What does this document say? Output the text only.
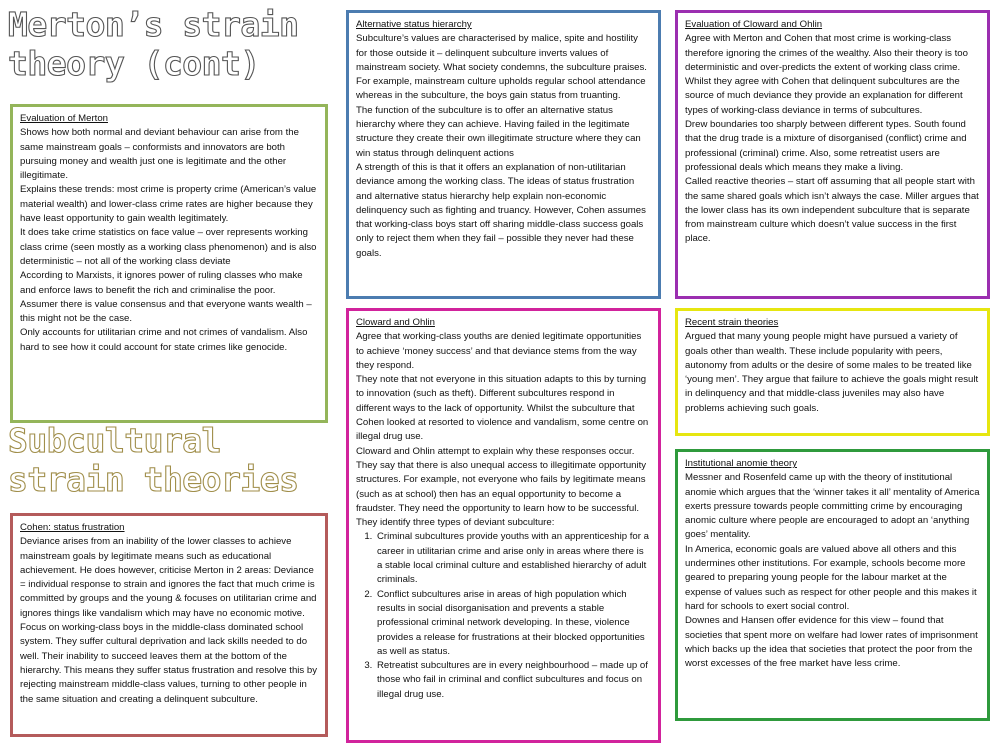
Merton’s strain theory (cont)
Evaluation of Merton

Shows how both normal and deviant behaviour can arise from the same mainstream goals – conformists and innovators are both pursuing money and wealth just one is legitimate and the other illegitimate.

Explains these trends: most crime is property crime (American’s value material wealth) and lower-class crime rates are higher because they have least opportunity to gain wealth legitimately.

It does take crime statistics on face value – over represents working class crime (seen mostly as a working class phenomenon) and is also deterministic – not all of the working class deviate

According to Marxists, it ignores power of ruling classes who make and enforce laws to benefit the rich and criminalise the poor.

Assumer there is value consensus and that everyone wants wealth – this might not be the case.

Only accounts for utilitarian crime and not crimes of vandalism. Also hard to see how it could account for state crimes like genocide.

Subcultural strain theories
Cohen: status frustration

Deviance arises from an inability of the lower classes to achieve mainstream goals by legitimate means such as educational achievement. He does however, criticise Merton in 2 areas: Deviance = individual response to strain and ignores the fact that much crime is committed by groups and the young & focuses on utilitarian crime and ignores things like vandalism which may have no economic motive.

Focus on working-class boys in the middle-class dominated school system. They suffer cultural deprivation and lack skills needed to do well. Their inability to succeed leaves them at the bottom of the hierarchy. This means they suffer status frustration and resolve this by rejecting mainstream middle-class values, turning to other people in the same situation and creating a delinquent subculture.

Alternative status hierarchy

Subculture’s values are characterised by malice, spite and hostility for those outside it – delinquent subculture inverts values of mainstream society. What society condemns, the subculture praises. For example, mainstream culture upholds regular school attendance whereas in the subculture, the boys gain status from truanting.

The function of the subculture is to offer an alternative status hierarchy where they can achieve. Having failed in the legitimate structure they create their own illegitimate structure where they can win status through delinquent actions

A strength of this is that it offers an explanation of non-utilitarian deviance among the working class. The ideas of status frustration and alternative status hierarchy help explain non-economic delinquency such as fighting and truancy. However, Cohen assumes that working-class boys start off sharing middle-class success goals only to reject them when they fail – possible they never had these goals.

Cloward and Ohlin

Agree that working-class youths are denied legitimate opportunities to achieve ‘money success’ and that deviance stems from the way they respond.

They note that not everyone in this situation adapts to this by turning to innovation (such as theft). Different subcultures respond in different ways to the lack of opportunity. Whilst the subculture that Cohen looked at resorted to violence and vandalism, some centre on illegal drug use.

Cloward and Ohlin attempt to explain why these responses occur. They say that there is also unequal access to illegitimate opportunity structures. For example, not everyone who fails by legitimate means (such as at school) then has an equal opportunity to become a fraudster. They need the opportunity to learn how to be successful.

They identify three types of deviant subculture:

1. Criminal subcultures provide youths with an apprenticeship for a career in utilitarian crime and arise only in areas where there is a stable local criminal culture and established hierarchy of adult criminals.
2. Conflict subcultures arise in areas of high population which results in social disorganisation and prevents a stable professional criminal network developing. In these, violence provides a release for frustrations at their blocked opportunities as well as status.
3. Retreatist subcultures are in every neighbourhood – made up of those who fail in criminal and conflict subcultures and focus on illegal drug use.
Evaluation of Cloward and Ohlin

Agree with Merton and Cohen that most crime is working-class therefore ignoring the crimes of the wealthy. Also their theory is too deterministic and over-predicts the extent of working class crime.

Whilst they agree with Cohen that delinquent subcultures are the source of much deviance they provide an explanation for different types of working-class deviance in terms of subcultures.

Drew boundaries too sharply between different types. South found that the drug trade is a mixture of disorganised (conflict) crime and professional (criminal) crime. Also, some retreatist users are professional deals which means they make a living.

Called reactive theories – start off assuming that all people start with the same shared goals which isn’t always the case. Miller argues that the lower class has its own independent subculture that is separate from mainstream culture which doesn’t value success in the first place.

Recent strain theories

Argued that many young people might have pursued a variety of goals other than wealth. These include popularity with peers, autonomy from adults or the desire of some males to be treated like ‘young men’. They argue that failure to achieve the goals might result in delinquency and that middle-class juveniles may also have problems achieving such goals.

Institutional anomie theory

Messner and Rosenfeld came up with the theory of institutional anomie which argues that the ‘winner takes it all’ mentality of America exerts pressure towards people committing crime by encouraging anomic culture where people are encouraged to adopt an ‘anything goes’ mentality.

In America, economic goals are valued above all others and this undermines other institutions. For example, schools become more geared to preparing young people for the labour market at the expense of values such as respect for other people and this makes it hard for schools to exert social control.

Downes and Hansen offer evidence for this view – found that societies that spent more on welfare had lower rates of imprisonment which backs up the idea that societies that protect the poor from the worst excesses of the free market have less crime.
